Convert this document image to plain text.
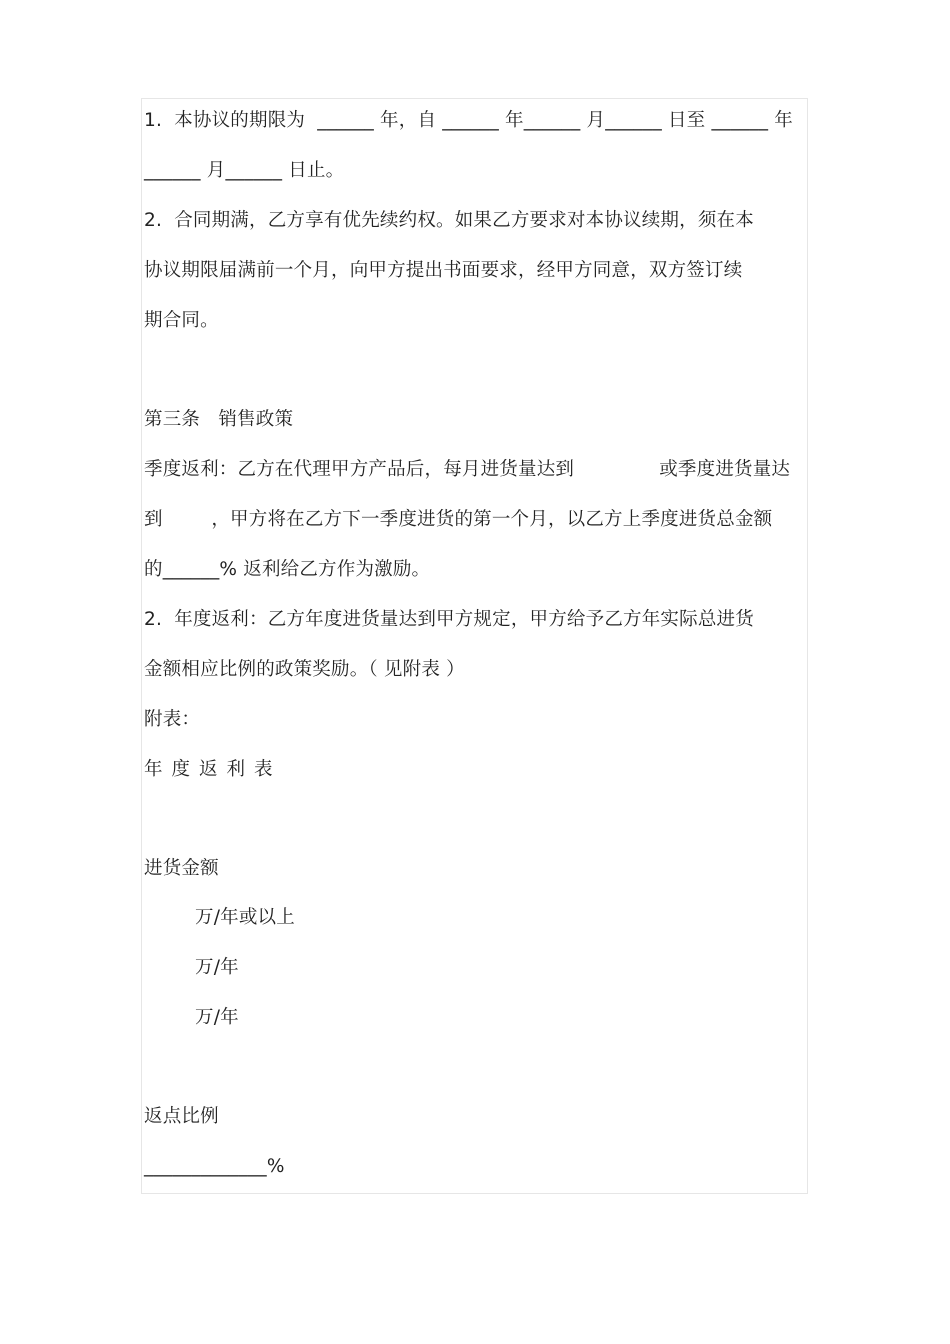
1.  本协议的期限为  ______ 年，自 ______ 年______ 月______ 日至 ______ 年
______ 月______ 日止。
2.  合同期满，乙方享有优先续约权。如果乙方要求对本协议续期，须在本
协议期限届满前一个月，向甲方提出书面要求，经甲方同意，双方签订续
期合同。
第三条   销售政策
季度返利：乙方在代理甲方产品后，每月进货量达到              或季度进货量达
到        ，甲方将在乙方下一季度进货的第一个月，以乙方上季度进货总金额
的______% 返利给乙方作为激励。
2.  年度返利：乙方年度进货量达到甲方规定，甲方给予乙方年实际总进货
金额相应比例的政策奖励。（ 见附表 ）
附表：
年度返利表
进货金额
万/年或以上
万/年
万/年
返点比例
_____________%
